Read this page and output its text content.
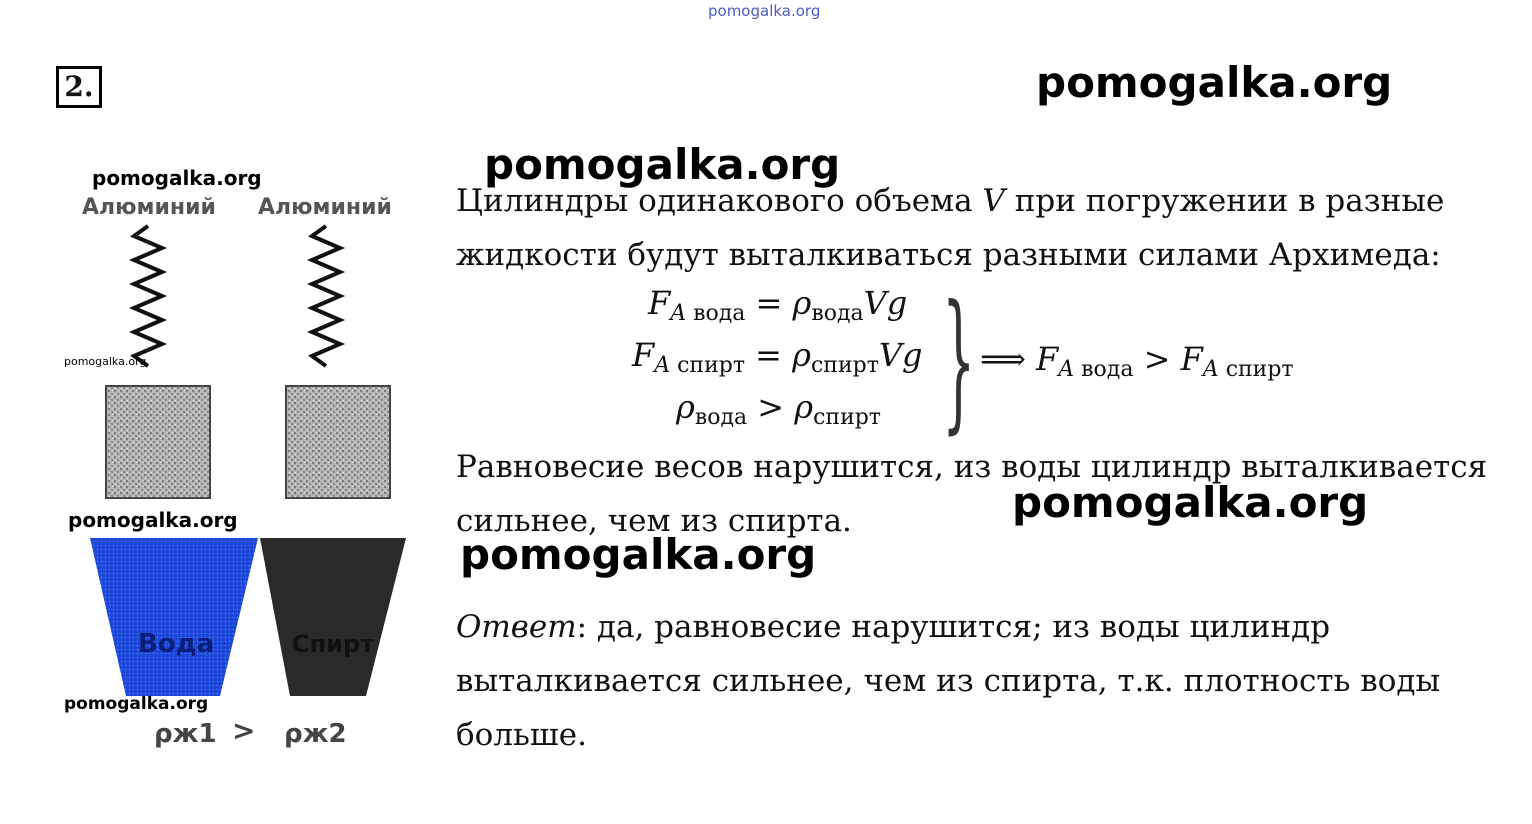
pomogalka.org
2.
Алюминий Алюминий
Вода	Спирт
ρж1 > ρж2
Цилиндры одинакового объема V при погружении в разные жидкости будут выталкиваться разными силами Архимеда:
$F_{A вода} = \rho_{вода}Vg$
$F_{A спирт} = \rho_{спирт}Vg$
$\rho_{вода} > \rho_{спирт}$ } ⟹ $F_{A вода} > F_{A спирт}$
Равновесие весов нарушится, из воды цилиндр выталкивается сильнее, чем из спирта.
Ответ: да, равновесие нарушится; из воды цилиндр выталкивается сильнее, чем из спирта, т.к. плотность воды больше.
pomogalka.org
pomogalka.org
pomogalka.org
pomogalka.org
pomogalka.org	pomogalka.org
pomogalka.org
pomogalka.org
